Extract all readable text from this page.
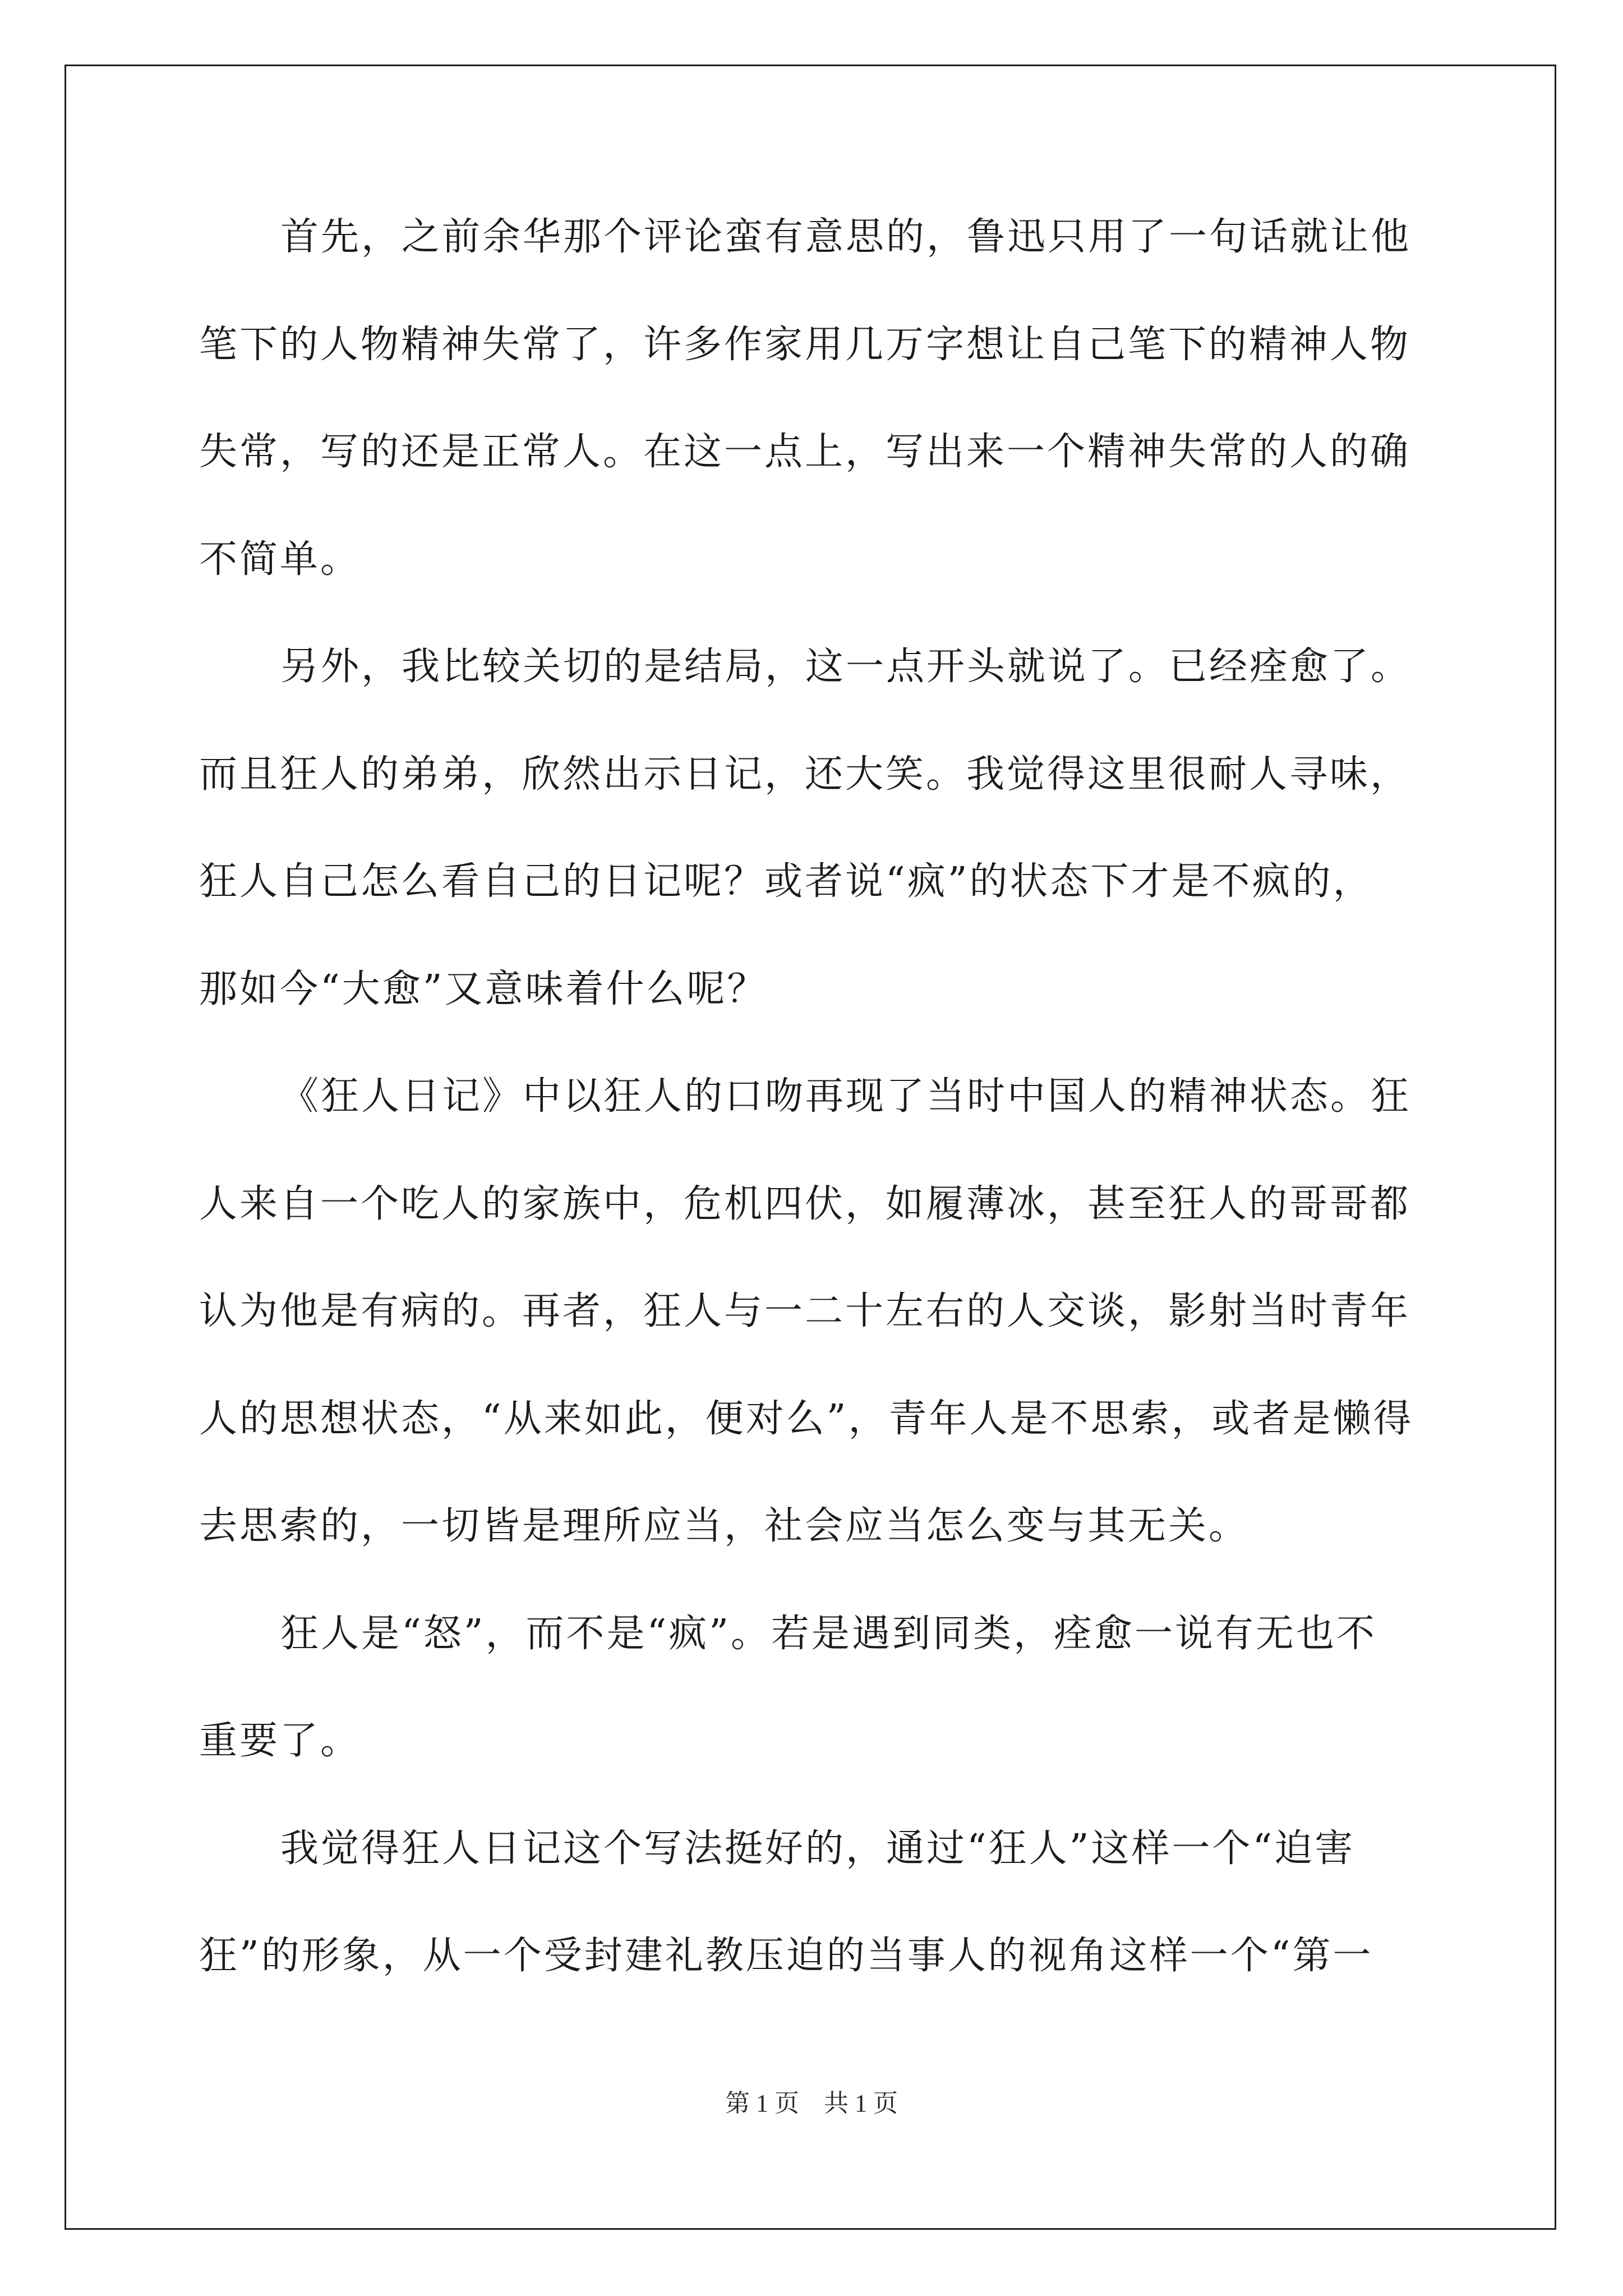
首先，之前余华那个评论蛮有意思的，鲁迅只用了一句话就让他
笔下的人物精神失常了，许多作家用几万字想让自己笔下的精神人物
失常，写的还是正常人。在这一点上，写出来一个精神失常的人的确
不简单。
另外，我比较关切的是结局，这一点开头就说了。已经痊愈了。
而且狂人的弟弟，欣然出示日记，还大笑。我觉得这里很耐人寻味，
狂人自己怎么看自己的日记呢？或者说“疯”的状态下才是不疯的，
那如今“大愈”又意味着什么呢？
《狂人日记》中以狂人的口吻再现了当时中国人的精神状态。狂
人来自一个吃人的家族中，危机四伏，如履薄冰，甚至狂人的哥哥都
认为他是有病的。再者，狂人与一二十左右的人交谈，影射当时青年
人的思想状态，“从来如此，便对么”，青年人是不思索，或者是懒得
去思索的，一切皆是理所应当，社会应当怎么变与其无关。
狂人是“怒”，而不是“疯”。若是遇到同类，痊愈一说有无也不
重要了。
我觉得狂人日记这个写法挺好的，通过“狂人”这样一个“迫害
狂”的形象，从一个受封建礼教压迫的当事人的视角这样一个“第一
第 1 页　共 1 页
